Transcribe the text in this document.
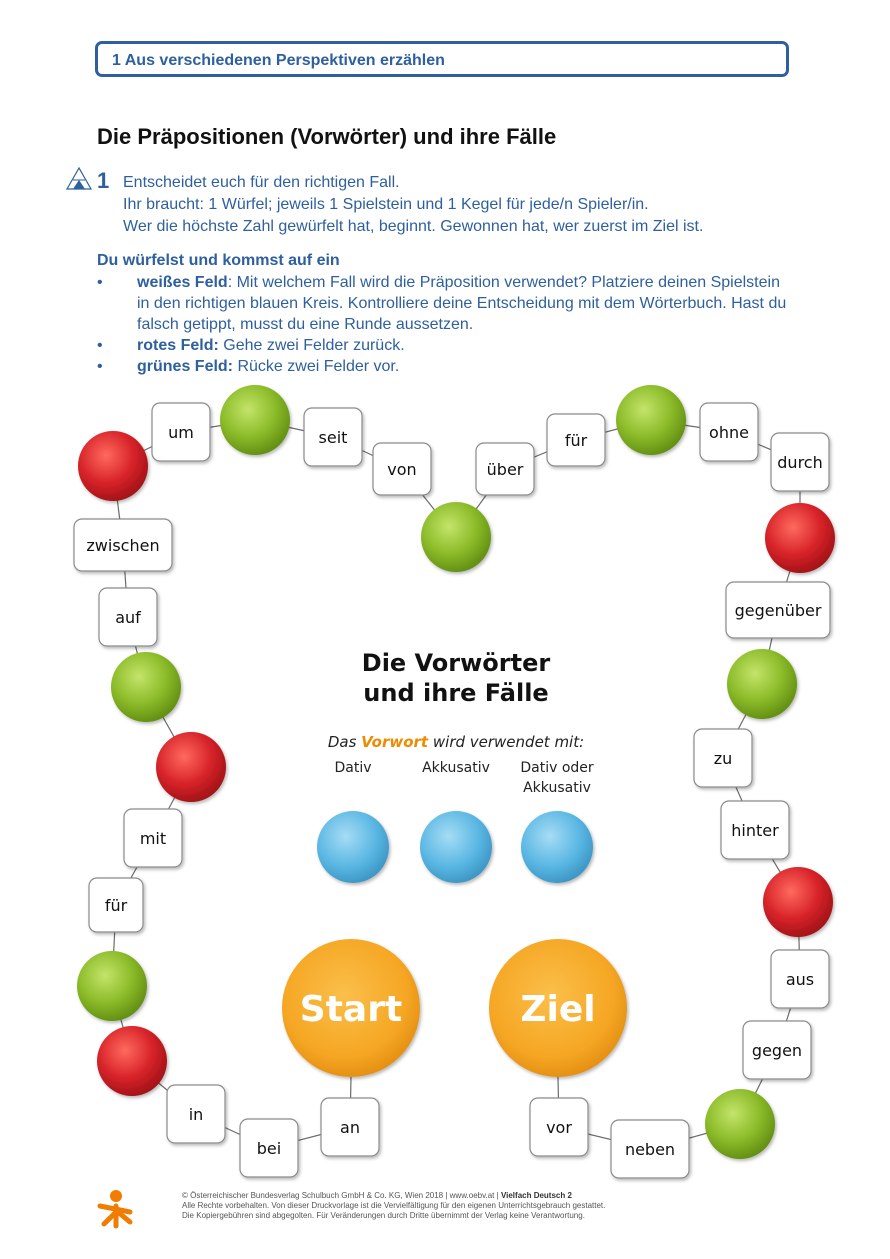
1 Aus verschiedenen Perspektiven erzählen
Die Präpositionen (Vorwörter) und ihre Fälle
1 Entscheidet euch für den richtigen Fall.
Ihr braucht: 1 Würfel; jeweils 1 Spielstein und 1 Kegel für jede/n Spieler/in.
Wer die höchste Zahl gewürfelt hat, beginnt. Gewonnen hat, wer zuerst im Ziel ist.
Du würfelst und kommst auf ein
• weißes Feld: Mit welchem Fall wird die Präposition verwendet? Platziere deinen Spielstein in den richtigen blauen Kreis. Kontrolliere deine Entscheidung mit dem Wörterbuch. Hast du falsch getippt, musst du eine Runde aussetzen.
• rotes Feld: Gehe zwei Felder zurück.
• grünes Feld: Rücke zwei Felder vor.
an
bei
in
für
mit
auf
zwischen
um	seit
von	über
für	ohne
durch
gegenüber
zu
hinter
aus
gegen
neben
vor
Die Vorwörter
und ihre Fälle
Das Vorwort wird verwendet mit:
Dativ	Akkusativ Dativ oder
Akkusativ
Start	Ziel
© Österreichischer Bundesverlag Schulbuch GmbH & Co. KG, Wien 2018 | www.oebv.at | Vielfach Deutsch 2
Alle Rechte vorbehalten. Von dieser Druckvorlage ist die Vervielfältigung für den eigenen Unterrichtsgebrauch gestattet.
Die Kopiergebühren sind abgegolten. Für Veränderungen durch Dritte übernimmt der Verlag keine Verantwortung.
